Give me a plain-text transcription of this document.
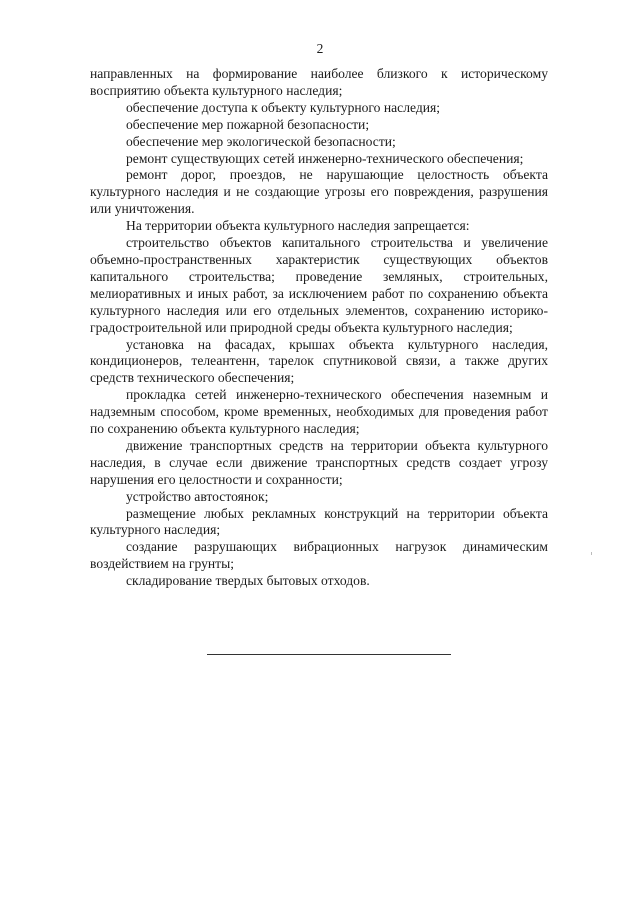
2

направленных на формирование наиболее близкого к историческому восприятию объекта культурного наследия;

обеспечение доступа к объекту культурного наследия;

обеспечение мер пожарной безопасности;

обеспечение мер экологической безопасности;

ремонт существующих сетей инженерно-технического обеспечения;

ремонт дорог, проездов, не нарушающие целостность объекта культурного наследия и не создающие угрозы его повреждения, разрушения или уничтожения.

На территории объекта культурного наследия запрещается:

строительство объектов капитального строительства и увеличение объемно-пространственных характеристик существующих объектов капитального строительства; проведение земляных, строительных, мелиоративных и иных работ, за исключением работ по сохранению объекта культурного наследия или его отдельных элементов, сохранению историко-градостроительной или природной среды объекта культурного наследия;

установка на фасадах, крышах объекта культурного наследия, кондиционеров, телеантенн, тарелок спутниковой связи, а также других средств технического обеспечения;

прокладка сетей инженерно-технического обеспечения наземным и надземным способом, кроме временных, необходимых для проведения работ по сохранению объекта культурного наследия;

движение транспортных средств на территории объекта культурного наследия, в случае если движение транспортных средств создает угрозу нарушения его целостности и сохранности;

устройство автостоянок;

размещение любых рекламных конструкций на территории объекта культурного наследия;

создание разрушающих вибрационных нагрузок динамическим воздействием на грунты;

складирование твердых бытовых отходов.
